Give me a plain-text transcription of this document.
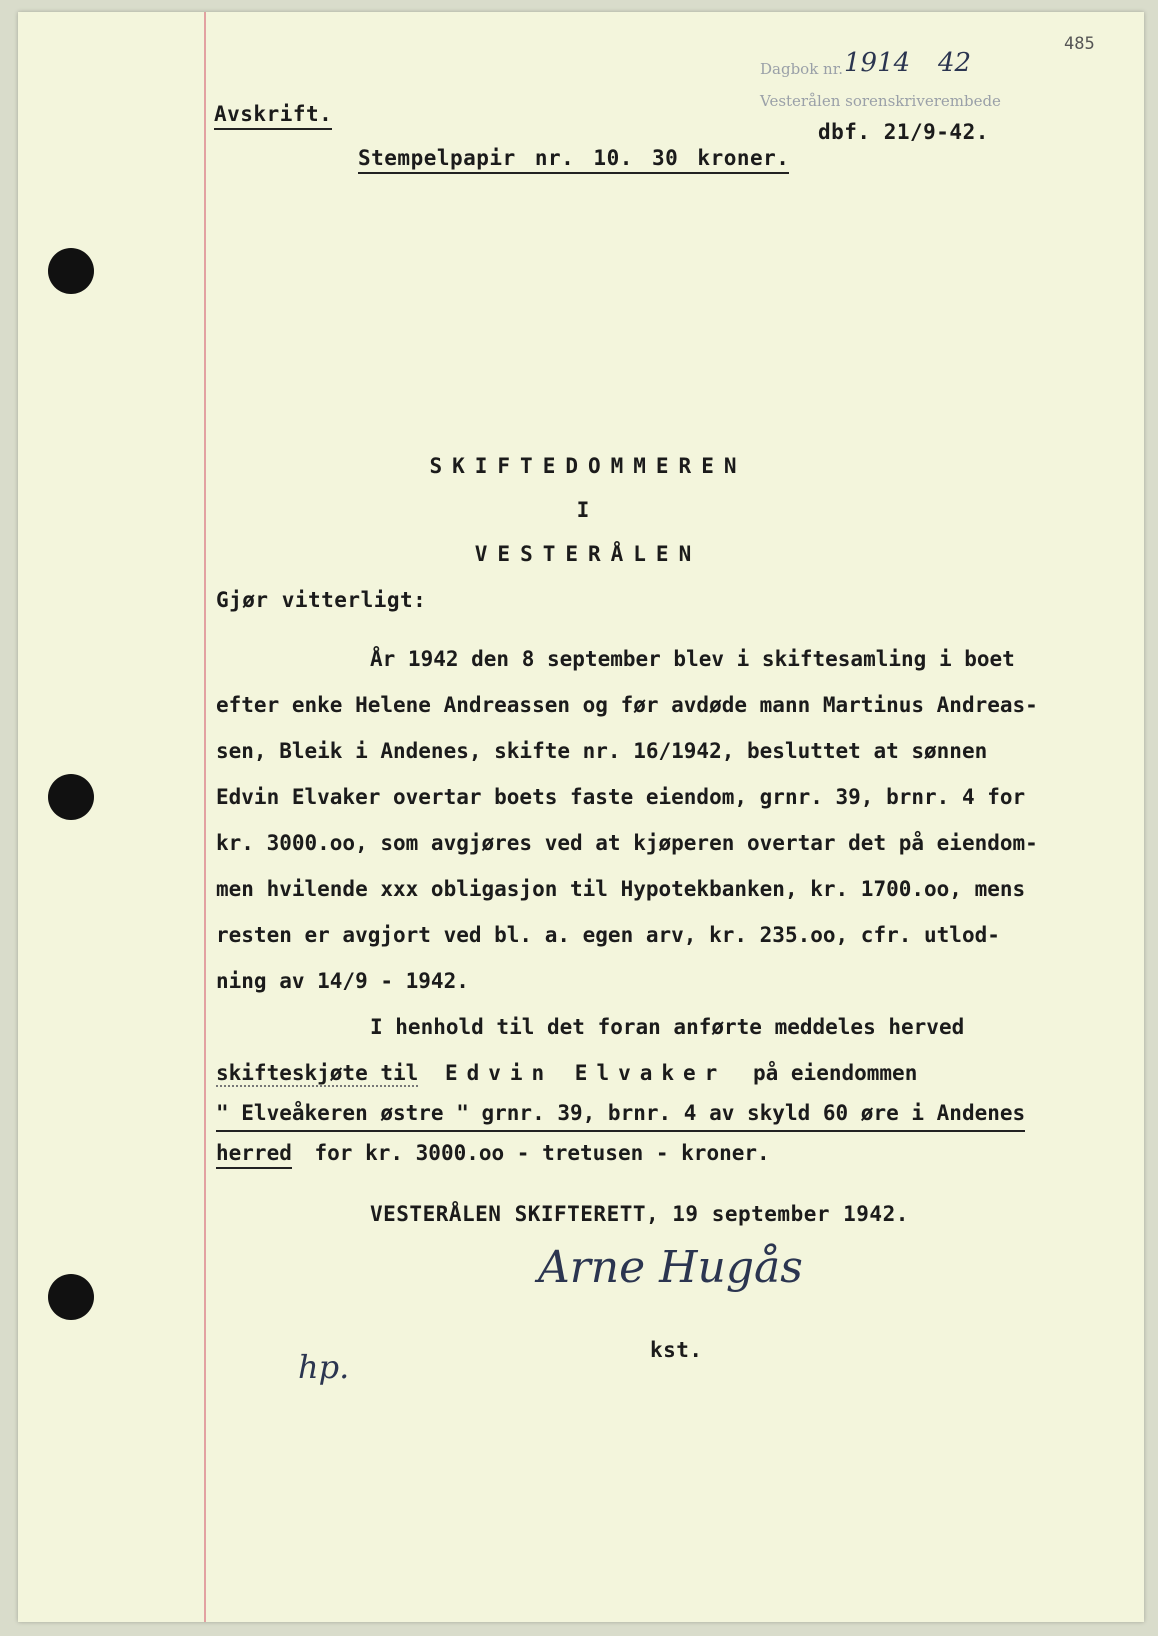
485
Dagbok nr. 1914 42
Vesterålen sorenskriverembede
dbf. 21/9-42.
Avskrift.
Stempelpapir nr. 10. 30 kroner.
SKIFTEDOMMEREN
I
VESTERÅLEN
Gjør vitterligt:
År 1942 den 8 september blev i skiftesamling i boet
efter enke Helene Andreassen og før avdøde mann Martinus Andreas-
sen, Bleik i Andenes, skifte nr. 16/1942, besluttet at sønnen
Edvin Elvaker overtar boets faste eiendom, grnr. 39, brnr. 4 for
kr. 3000.oo, som avgjøres ved at kjøperen overtar det på eiendom-
men hvilende xxx obligasjon til Hypotekbanken, kr. 1700.oo, mens
resten er avgjort ved bl. a. egen arv, kr. 235.oo, cfr. utlod-
ning av 14/9 - 1942.
I henhold til det foran anførte meddeles herved
skifteskjøte til Edvin Elvaker på eiendommen
" Elveåkeren østre " grnr. 39, brnr. 4 av skyld 60 øre i Andenes
herred for kr. 3000.oo - tretusen - kroner.
VESTERÅLEN SKIFTERETT, 19 september 1942.
Arne Hugås
kst.
hp.
